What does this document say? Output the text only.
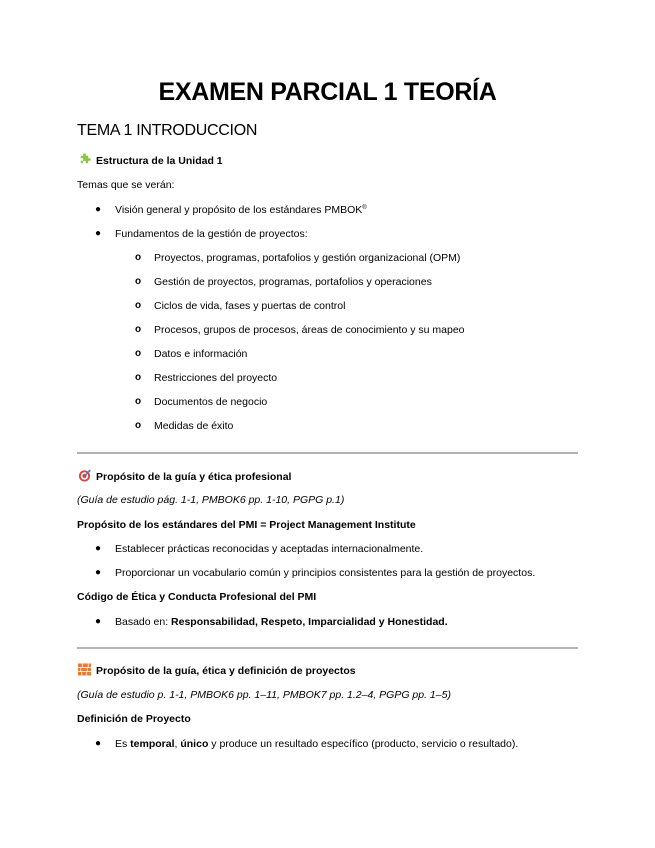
EXAMEN PARCIAL 1 TEORÍA
TEMA 1 INTRODUCCION
Estructura de la Unidad 1
Temas que se verán:
● Visión general y propósito de los estándares PMBOK®
● Fundamentos de la gestión de proyectos:
o Proyectos, programas, portafolios y gestión organizacional (OPM)
o Gestión de proyectos, programas, portafolios y operaciones
o Ciclos de vida, fases y puertas de control
o Procesos, grupos de procesos, áreas de conocimiento y su mapeo
o Datos e información
o Restricciones del proyecto
o Documentos de negocio
o Medidas de éxito
Propósito de la guía y ética profesional
(Guía de estudio pág. 1-1, PMBOK6 pp. 1-10, PGPG p.1)
Propósito de los estándares del PMI = Project Management Institute
● Establecer prácticas reconocidas y aceptadas internacionalmente.
● Proporcionar un vocabulario común y principios consistentes para la gestión de proyectos.
Código de Ética y Conducta Profesional del PMI
● Basado en: Responsabilidad, Respeto, Imparcialidad y Honestidad.
Propósito de la guía, ética y definición de proyectos
(Guía de estudio p. 1-1, PMBOK6 pp. 1–11, PMBOK7 pp. 1.2–4, PGPG pp. 1–5)
Definición de Proyecto
● Es temporal, único y produce un resultado específico (producto, servicio o resultado).
